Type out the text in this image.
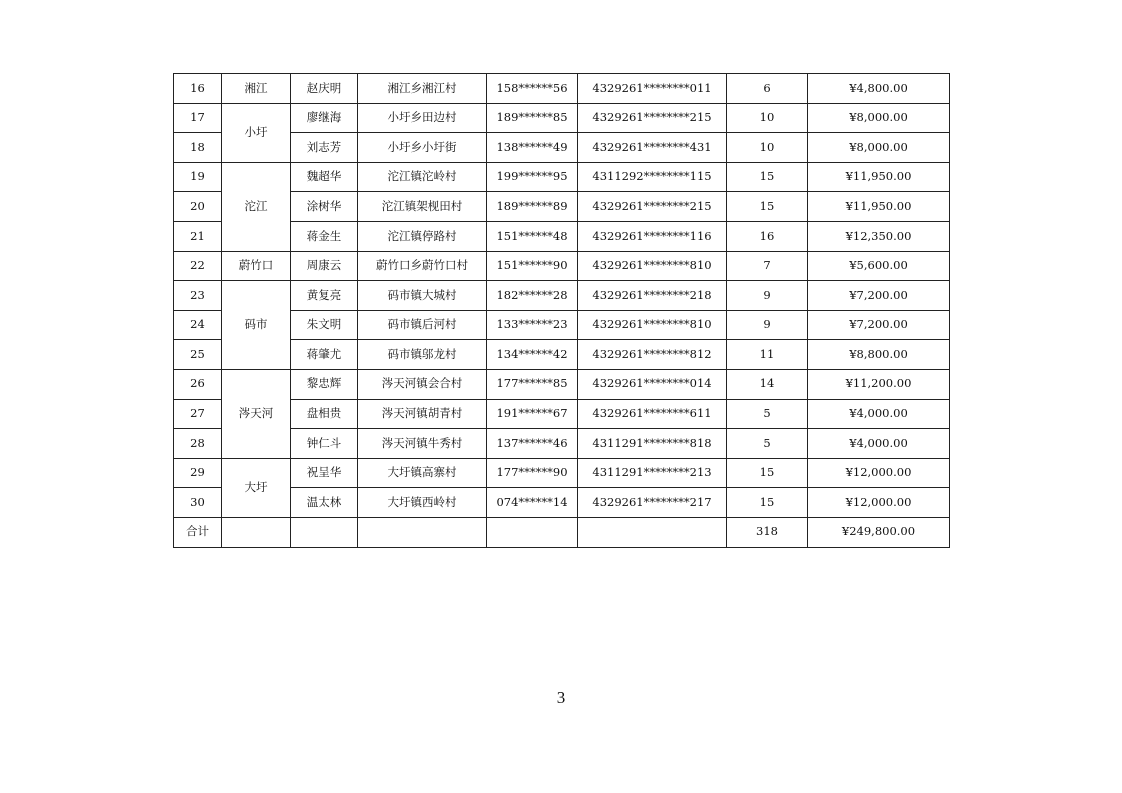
16	湘江	赵庆明	湘江乡湘江村	158******56	4329261********011	6	¥4,800.00
17	小圩	廖继海	小圩乡田边村	189******85	4329261********215	10	¥8,000.00
18		刘志芳	小圩乡小圩街	138******49	4329261********431	10	¥8,000.00
19	沱江	魏超华	沱江镇沱岭村	199******95	4311292********115	15	¥11,950.00
20		涂树华	沱江镇架枧田村	189******89	4329261********215	15	¥11,950.00
21		蒋金生	沱江镇停路村	151******48	4329261********116	16	¥12,350.00
22	蔚竹口	周康云	蔚竹口乡蔚竹口村	151******90	4329261********810	7	¥5,600.00
23	码市	黄复亮	码市镇大城村	182******28	4329261********218	9	¥7,200.00
24		朱文明	码市镇后河村	133******23	4329261********810	9	¥7,200.00
25		蒋肇尤	码市镇邬龙村	134******42	4329261********812	11	¥8,800.00
26	涔天河	黎忠辉	涔天河镇会合村	177******85	4329261********014	14	¥11,200.00
27		盘相贵	涔天河镇胡青村	191******67	4329261********611	5	¥4,000.00
28		钟仁斗	涔天河镇牛秀村	137******46	4311291********818	5	¥4,000.00
29	大圩	祝呈华	大圩镇高寨村	177******90	4311291********213	15	¥12,000.00
30		温太林	大圩镇西岭村	074******14	4329261********217	15	¥12,000.00
合计						318	¥249,800.00
3
